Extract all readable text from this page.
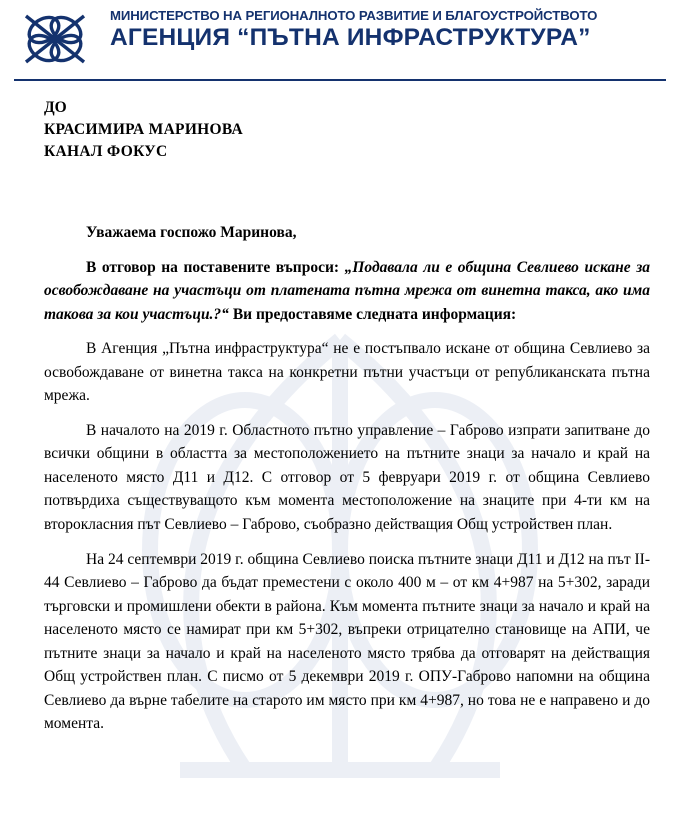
МИНИСТЕРСТВО НА РЕГИОНАЛНОТО РАЗВИТИЕ И БЛАГОУСТРОЙСТВОТО
АГЕНЦИЯ “ПЪТНА ИНФРАСТРУКТУРА”
ДО
КРАСИМИРА МАРИНОВА
КАНАЛ ФОКУС
Уважаема госпожо Маринова,

В отговор на поставените въпроси: „Подавала ли е община Севлиево искане за освобождаване на участъци от платената пътна мрежа от винетна такса, ако има такова за кои участъци.?“ Ви предоставяме следната информация:

В Агенция „Пътна инфраструктура“ не е постъпвало искане от община Севлиево за освобождаване от винетна такса на конкретни пътни участъци от републиканската пътна мрежа.

В началото на 2019 г. Областното пътно управление – Габрово изпрати запитване до всички общини в областта за местоположението на пътните знаци за начало и край на населеното място Д11 и Д12. С отговор от 5 февруари 2019 г. от община Севлиево потвърдиха съществуващото към момента местоположение на знаците при 4-ти км на второкласния път Севлиево – Габрово, съобразно действащия Общ устройствен план.

На 24 септември 2019 г. община Севлиево поиска пътните знаци Д11 и Д12 на път II-44 Севлиево – Габрово да бъдат преместени с около 400 м – от км 4+987 на 5+302, заради търговски и промишлени обекти в района. Към момента пътните знаци за начало и край на населеното място се намират при км 5+302, въпреки отрицателно становище на АПИ, че пътните знаци за начало и край на населеното място трябва да отговарят на действащия Общ устройствен план. С писмо от 5 декември 2019 г. ОПУ-Габрово напомни на община Севлиево да върне табелите на старото им място при км 4+987, но това не е направено и до момента.
